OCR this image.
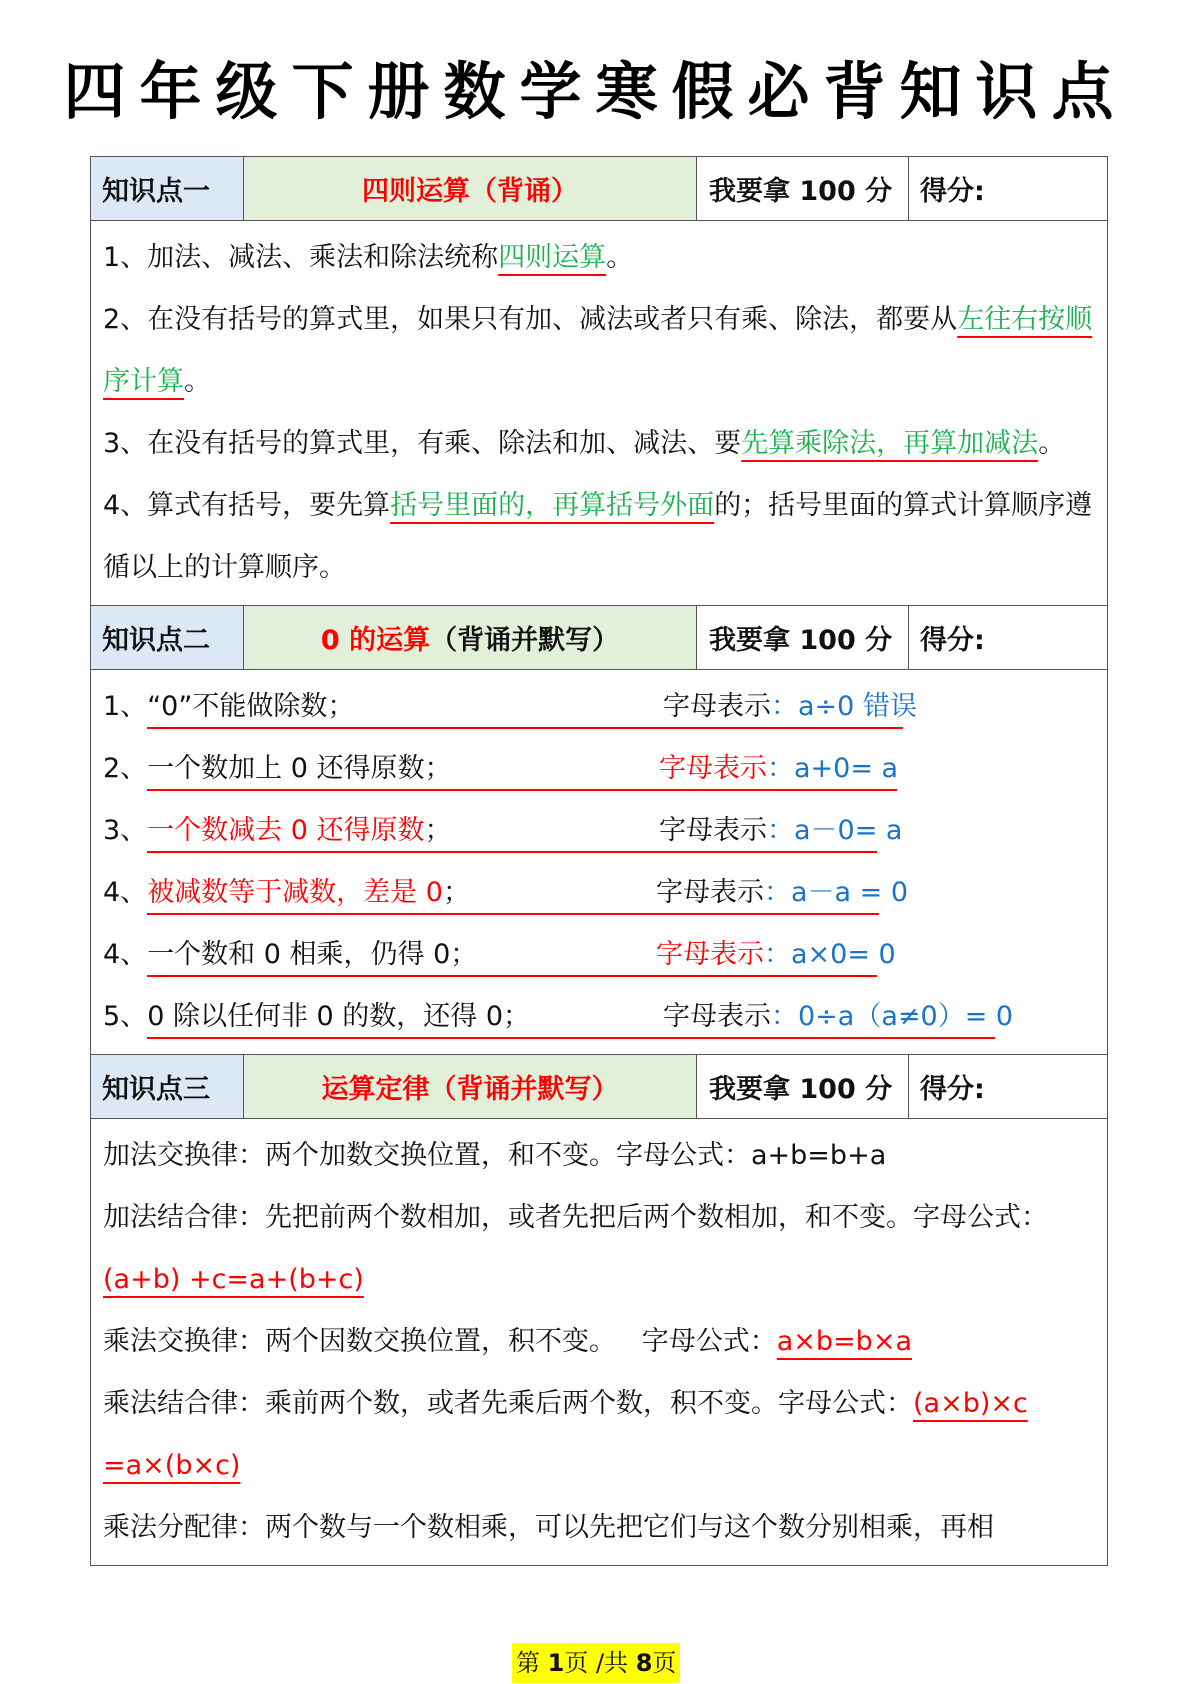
四年级下册数学寒假必背知识点
知识点一	四则运算 （背诵）	我要拿 100 分	得分:
1、加法、减法、乘法和除法统称四则运算。
2、在没有括号的算式里，如果只有加、减法或者只有乘、除法，都要从左往右按顺序计算。
3、在没有括号的算式里，有乘、除法和加、减法、要先算乘除法，再算加减法。
4、算式有括号，要先算括号里面的，再算括号外面的；括号里面的算式计算顺序遵循以上的计算顺序。
知识点二	0 的运算 （背诵并默写）	我要拿 100 分	得分:
1、“0”不能做除数；	字母表示：a÷0 错误
2、一个数加上 0 还得原数；	字母表示：a+0= a
3、一个数减去 0 还得原数；	字母表示：a－0= a
4、被减数等于减数，差是 0；	字母表示：a－a = 0
4、一个数和 0 相乘，仍得 0；	字母表示：a×0= 0
5、0 除以任何非 0 的数，还得 0；	字母表示：0÷a（a≠0）= 0
知识点三	运算定律（背诵并默写）	我要拿 100 分	得分:
加法交换律：两个加数交换位置，和不变。字母公式：a+b=b+a
加法结合律：先把前两个数相加，或者先把后两个数相加，和不变。字母公式：(a+b) +c=a+(b+c)
乘法交换律：两个因数交换位置，积不变。   字母公式：a×b=b×a
乘法结合律：乘前两个数，或者先乘后两个数，积不变。字母公式：(a×b)×c =a×(b×c)
乘法分配律：两个数与一个数相乘，可以先把它们与这个数分别相乘，再相
第 1页 /共 8页
